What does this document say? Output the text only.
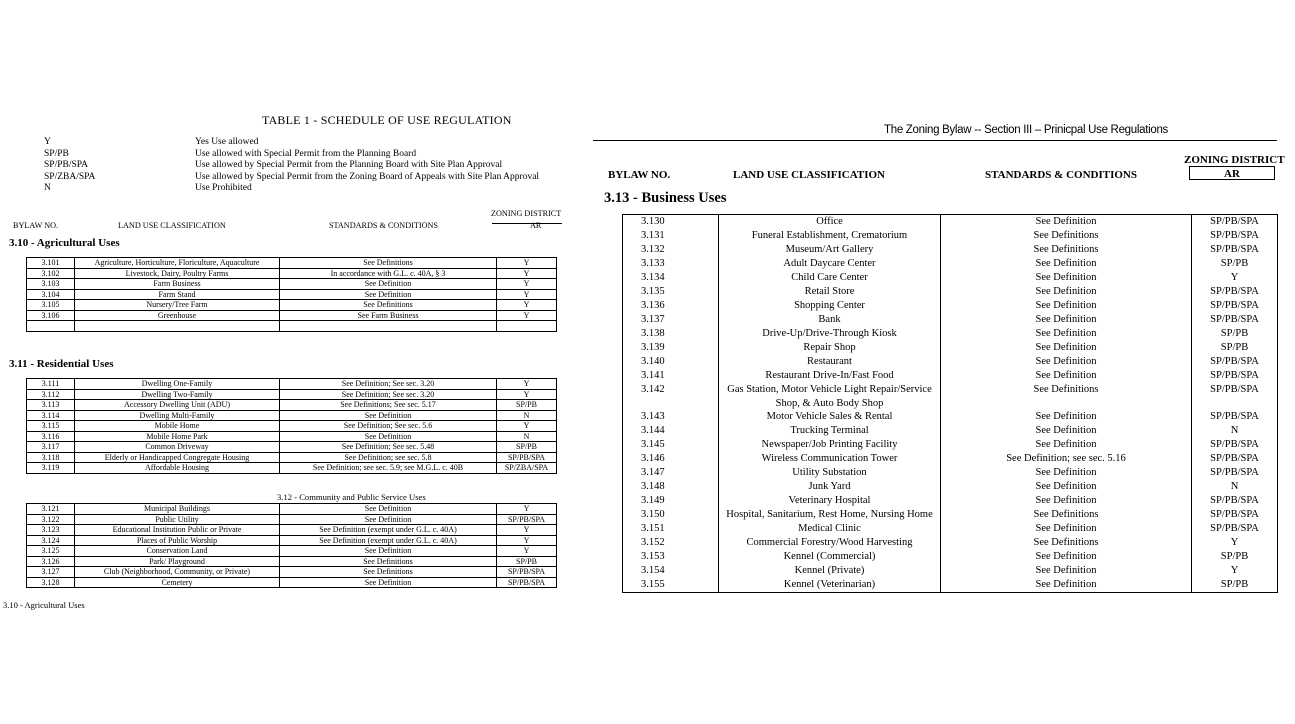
TABLE 1 - SCHEDULE OF USE REGULATION
Y	Yes Use allowed
SP/PB	Use allowed with Special Permit from the Planning Board
SP/PB/SPA	Use allowed by Special Permit from the Planning Board with Site Plan Approval
SP/ZBA/SPA	Use allowed by Special Permit from the Zoning Board of Appeals with Site Plan Approval
N	Use Prohibited
ZONING DISTRICT
BYLAW NO.	LAND USE CLASSIFICATION	STANDARDS & CONDITIONS	AR
3.10 - Agricultural Uses
3.101	Agriculture, Horticulture, Floriculture, Aquaculture	See Definitions	Y
3.102	Livestock, Dairy, Poultry Farms	In accordance with G.L. c. 40A, § 3	Y
3.103	Farm Business	See Definition	Y
3.104	Farm Stand	See Definition	Y
3.105	Nursery/Tree Farm	See Definitions	Y
3.106	Greenhouse	See Farm Business	Y

3.11 - Residential Uses
3.111	Dwelling One-Family	See Definition; See sec. 3.20	Y
3.112	Dwelling Two-Family	See Definition; See sec. 3.20	Y
3.113	Accessory Dwelling Unit (ADU)	See Definitions; See sec. 5.17	SP/PB
3.114	Dwelling Multi-Family	See Definition	N
3.115	Mobile Home	See Definition; See sec. 5.6	Y
3.116	Mobile Home Park	See Definition	N
3.117	Common Driveway	See Definition; See sec. 5.48	SP/PB
3.118	Elderly or Handicapped Congregate Housing	See Definition; see sec. 5.8	SP/PB/SPA
3.119	Affordable Housing	See Definition; see sec. 5.9; see M.G.L. c. 40B	SP/ZBA/SPA
3.12 - Community and Public Service Uses
3.121	Municipal Buildings	See Definition	Y
3.122	Public Utility	See Definition	SP/PB/SPA
3.123	Educational Institution Public or Private	See Definition (exempt under G.L. c. 40A)	Y
3.124	Places of Public Worship	See Definition (exempt under G.L. c. 40A)	Y
3.125	Conservation Land	See Definition	Y
3.126	Park/ Playground	See Definitions	SP/PB
3.127	Club (Neighborhood, Community, or Private)	See Definitions	SP/PB/SPA
3.128	Cemetery	See Definition	SP/PB/SPA
3.10 - Agricultural Uses
The Zoning Bylaw -- Section III – Prinicpal Use Regulations
ZONING DISTRICT
AR
BYLAW NO.	LAND USE CLASSIFICATION	STANDARDS & CONDITIONS
3.13 - Business Uses
3.130	Office	See Definition	SP/PB/SPA
3.131	Funeral Establishment, Crematorium	See Definitions	SP/PB/SPA
3.132	Museum/Art Gallery	See Definitions	SP/PB/SPA
3.133	Adult Daycare Center	See Definition	SP/PB
3.134	Child Care Center	See Definition	Y
3.135	Retail Store	See Definition	SP/PB/SPA
3.136	Shopping Center	See Definition	SP/PB/SPA
3.137	Bank	See Definition	SP/PB/SPA
3.138	Drive-Up/Drive-Through Kiosk	See Definition	SP/PB
3.139	Repair Shop	See Definition	SP/PB
3.140	Restaurant	See Definition	SP/PB/SPA
3.141	Restaurant Drive-In/Fast Food	See Definition	SP/PB/SPA
3.142	Gas Station, Motor Vehicle Light Repair/Service Shop, & Auto Body Shop	See Definitions	SP/PB/SPA
3.143	Motor Vehicle Sales & Rental	See Definition	SP/PB/SPA
3.144	Trucking Terminal	See Definition	N
3.145	Newspaper/Job Printing Facility	See Definition	SP/PB/SPA
3.146	Wireless Communication Tower	See Definition; see sec. 5.16	SP/PB/SPA
3.147	Utility Substation	See Definition	SP/PB/SPA
3.148	Junk Yard	See Definition	N
3.149	Veterinary Hospital	See Definition	SP/PB/SPA
3.150	Hospital, Sanitarium, Rest Home, Nursing Home	See Definitions	SP/PB/SPA
3.151	Medical Clinic	See Definition	SP/PB/SPA
3.152	Commercial Forestry/Wood Harvesting	See Definitions	Y
3.153	Kennel (Commercial)	See Definition	SP/PB
3.154	Kennel (Private)	See Definition	Y
3.155	Kennel (Veterinarian)	See Definition	SP/PB
